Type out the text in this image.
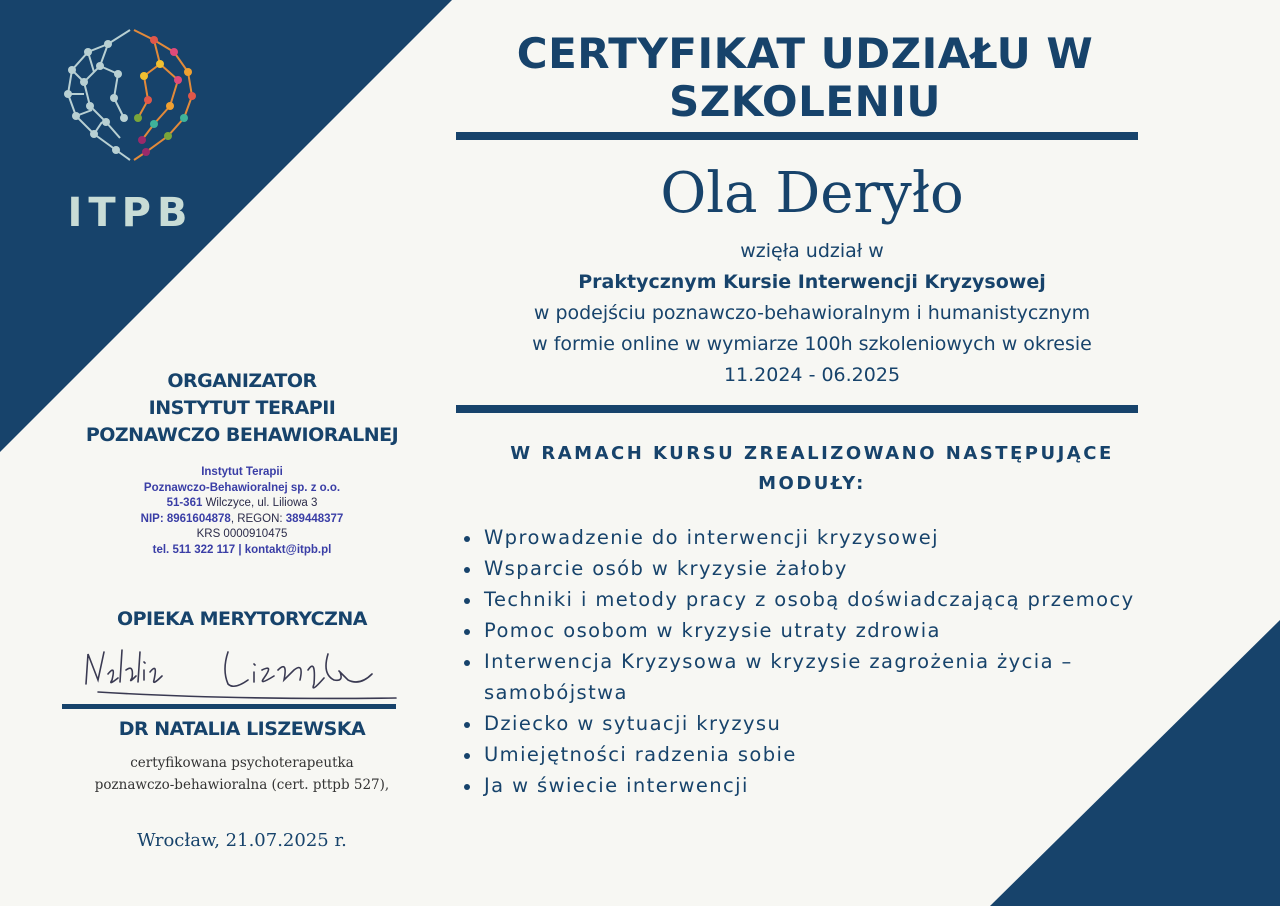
ITPB
ORGANIZATOR
INSTYTUT TERAPII
POZNAWCZO BEHAWIORALNEJ
Instytut Terapii
Poznawczo-Behawioralnej sp. z o.o.
51-361 Wilczyce, ul. Liliowa 3
NIP: 8961604878, REGON: 389448377
KRS 0000910475
tel. 511 322 117 | kontakt@itpb.pl
OPIEKA MERYTORYCZNA
DR NATALIA LISZEWSKA
certyfikowana psychoterapeutka
poznawczo-behawioralna (cert. pttpb 527),
Wrocław, 21.07.2025 r.
CERTYFIKAT UDZIAŁU W SZKOLENIU
Ola Deryło
wzięła udział w
Praktycznym Kursie Interwencji Kryzysowej
w podejściu poznawczo-behawioralnym i humanistycznym
w formie online w wymiarze 100h szkoleniowych w okresie
11.2024 - 06.2025
W RAMACH KURSU ZREALIZOWANO NASTĘPUJĄCE MODUŁY:
Wprowadzenie do interwencji kryzysowej
Wsparcie osób w kryzysie żałoby
Techniki i metody pracy z osobą doświadczającą przemocy
Pomoc osobom w kryzysie utraty zdrowia
Interwencja Kryzysowa w kryzysie zagrożenia życia – samobójstwa
Dziecko w sytuacji kryzysu
Umiejętności radzenia sobie
Ja w świecie interwencji
